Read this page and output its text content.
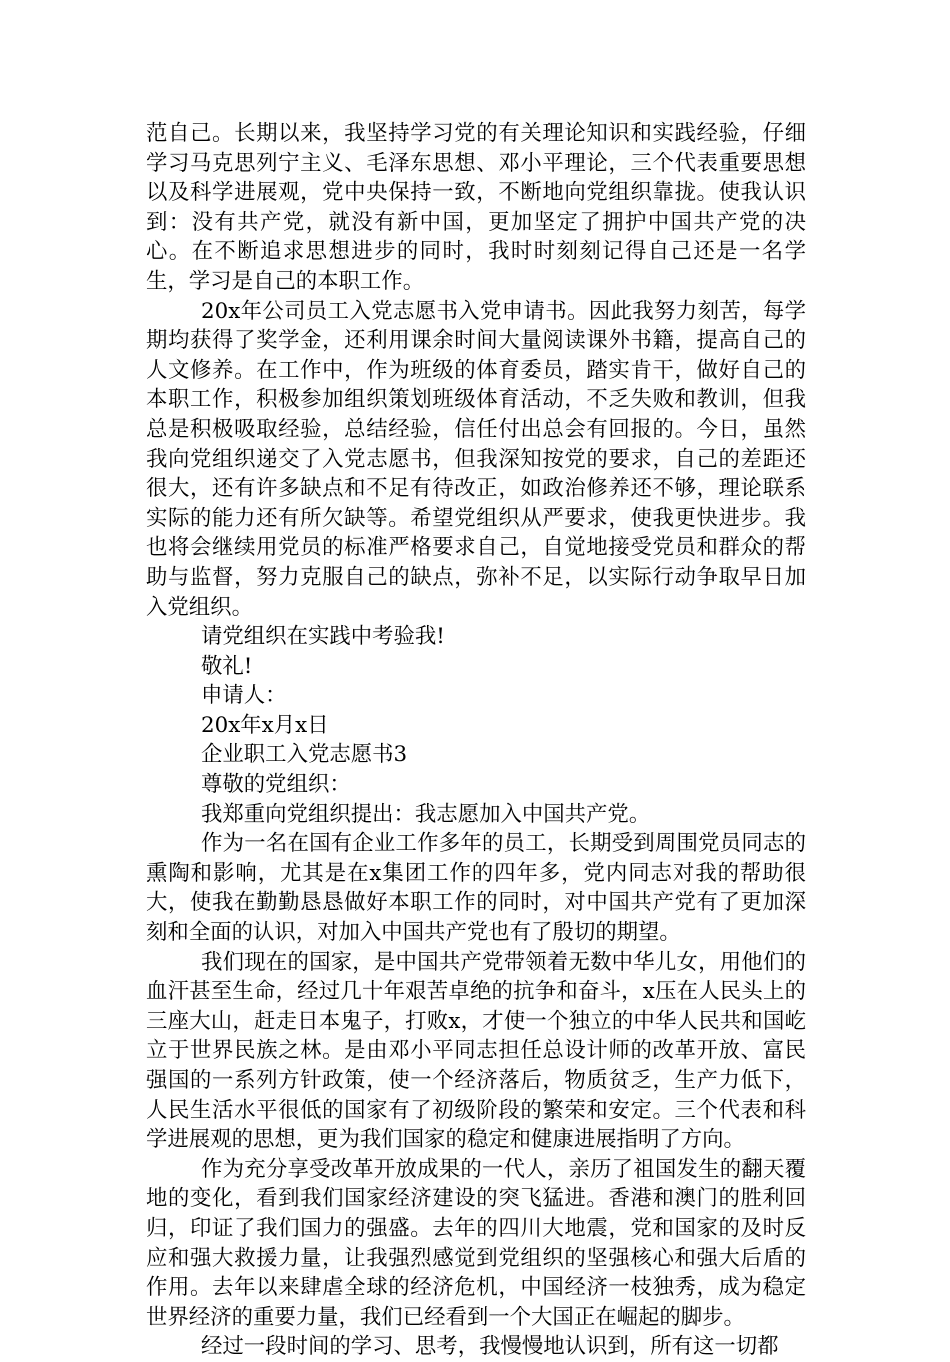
范自己。长期以来，我坚持学习党的有关理论知识和实践经验，仔细学习马克思列宁主义、毛泽东思想、邓小平理论，三个代表重要思想以及科学进展观，党中央保持一致，不断地向党组织靠拢。使我认识到：没有共产党，就没有新中国，更加坚定了拥护中国共产党的决心。在不断追求思想进步的同时，我时时刻刻记得自己还是一名学生，学习是自己的本职工作。

20x年公司员工入党志愿书入党申请书。因此我努力刻苦，每学期均获得了奖学金，还利用课余时间大量阅读课外书籍，提高自己的人文修养。在工作中，作为班级的体育委员，踏实肯干，做好自己的本职工作，积极参加组织策划班级体育活动，不乏失败和教训，但我总是积极吸取经验，总结经验，信任付出总会有回报的。今日，虽然我向党组织递交了入党志愿书，但我深知按党的要求，自己的差距还很大，还有许多缺点和不足有待改正，如政治修养还不够，理论联系实际的能力还有所欠缺等。希望党组织从严要求，使我更快进步。我也将会继续用党员的标准严格要求自己，自觉地接受党员和群众的帮助与监督，努力克服自己的缺点，弥补不足，以实际行动争取早日加入党组织。

请党组织在实践中考验我!

敬礼!

申请人：

20x年x月x日

企业职工入党志愿书3

尊敬的党组织：

我郑重向党组织提出：我志愿加入中国共产党。

作为一名在国有企业工作多年的员工，长期受到周围党员同志的熏陶和影响，尤其是在x集团工作的四年多，党内同志对我的帮助很大，使我在勤勤恳恳做好本职工作的同时，对中国共产党有了更加深刻和全面的认识，对加入中国共产党也有了殷切的期望。

我们现在的国家，是中国共产党带领着无数中华儿女，用他们的血汗甚至生命，经过几十年艰苦卓绝的抗争和奋斗，x压在人民头上的三座大山，赶走日本鬼子，打败x，才使一个独立的中华人民共和国屹立于世界民族之林。是由邓小平同志担任总设计师的改革开放、富民强国的一系列方针政策，使一个经济落后，物质贫乏，生产力低下，人民生活水平很低的国家有了初级阶段的繁荣和安定。三个代表和科学进展观的思想，更为我们国家的稳定和健康进展指明了方向。

作为充分享受改革开放成果的一代人，亲历了祖国发生的翻天覆地的变化，看到我们国家经济建设的突飞猛进。香港和澳门的胜利回归，印证了我们国力的强盛。去年的四川大地震，党和国家的及时反应和强大救援力量，让我强烈感觉到党组织的坚强核心和强大后盾的作用。去年以来肆虐全球的经济危机，中国经济一枝独秀，成为稳定世界经济的重要力量，我们已经看到一个大国正在崛起的脚步。

经过一段时间的学习、思考，我慢慢地认识到，所有这一切都
